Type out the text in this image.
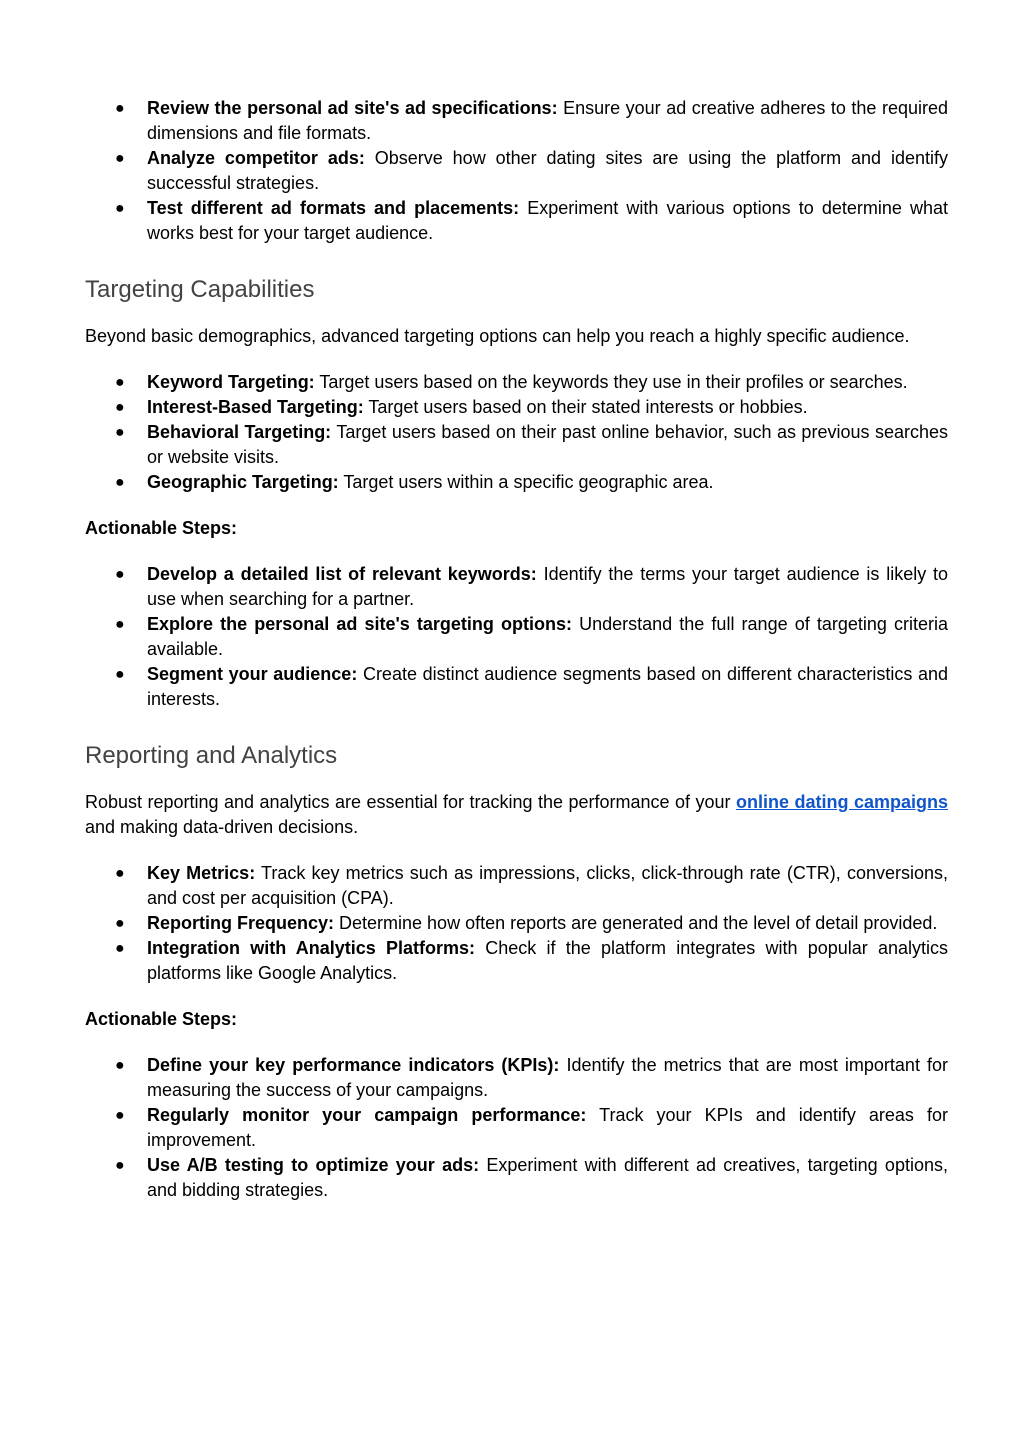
● Review the personal ad site's ad specifications: Ensure your ad creative adheres to the required dimensions and file formats.
● Analyze competitor ads: Observe how other dating sites are using the platform and identify successful strategies.
● Test different ad formats and placements: Experiment with various options to determine what works best for your target audience.
Targeting Capabilities

Beyond basic demographics, advanced targeting options can help you reach a highly specific audience.

● Keyword Targeting: Target users based on the keywords they use in their profiles or searches.
● Interest-Based Targeting: Target users based on their stated interests or hobbies.
● Behavioral Targeting: Target users based on their past online behavior, such as previous searches or website visits.
● Geographic Targeting: Target users within a specific geographic area.

Actionable Steps:

● Develop a detailed list of relevant keywords: Identify the terms your target audience is likely to use when searching for a partner.
● Explore the personal ad site's targeting options: Understand the full range of targeting criteria available.
● Segment your audience: Create distinct audience segments based on different characteristics and interests.
Reporting and Analytics

Robust reporting and analytics are essential for tracking the performance of your online dating campaigns and making data-driven decisions.

● Key Metrics: Track key metrics such as impressions, clicks, click-through rate (CTR), conversions, and cost per acquisition (CPA).
● Reporting Frequency: Determine how often reports are generated and the level of detail provided.
● Integration with Analytics Platforms: Check if the platform integrates with popular analytics platforms like Google Analytics.

Actionable Steps:

● Define your key performance indicators (KPIs): Identify the metrics that are most important for measuring the success of your campaigns.
● Regularly monitor your campaign performance: Track your KPIs and identify areas for improvement.
● Use A/B testing to optimize your ads: Experiment with different ad creatives, targeting options, and bidding strategies.
